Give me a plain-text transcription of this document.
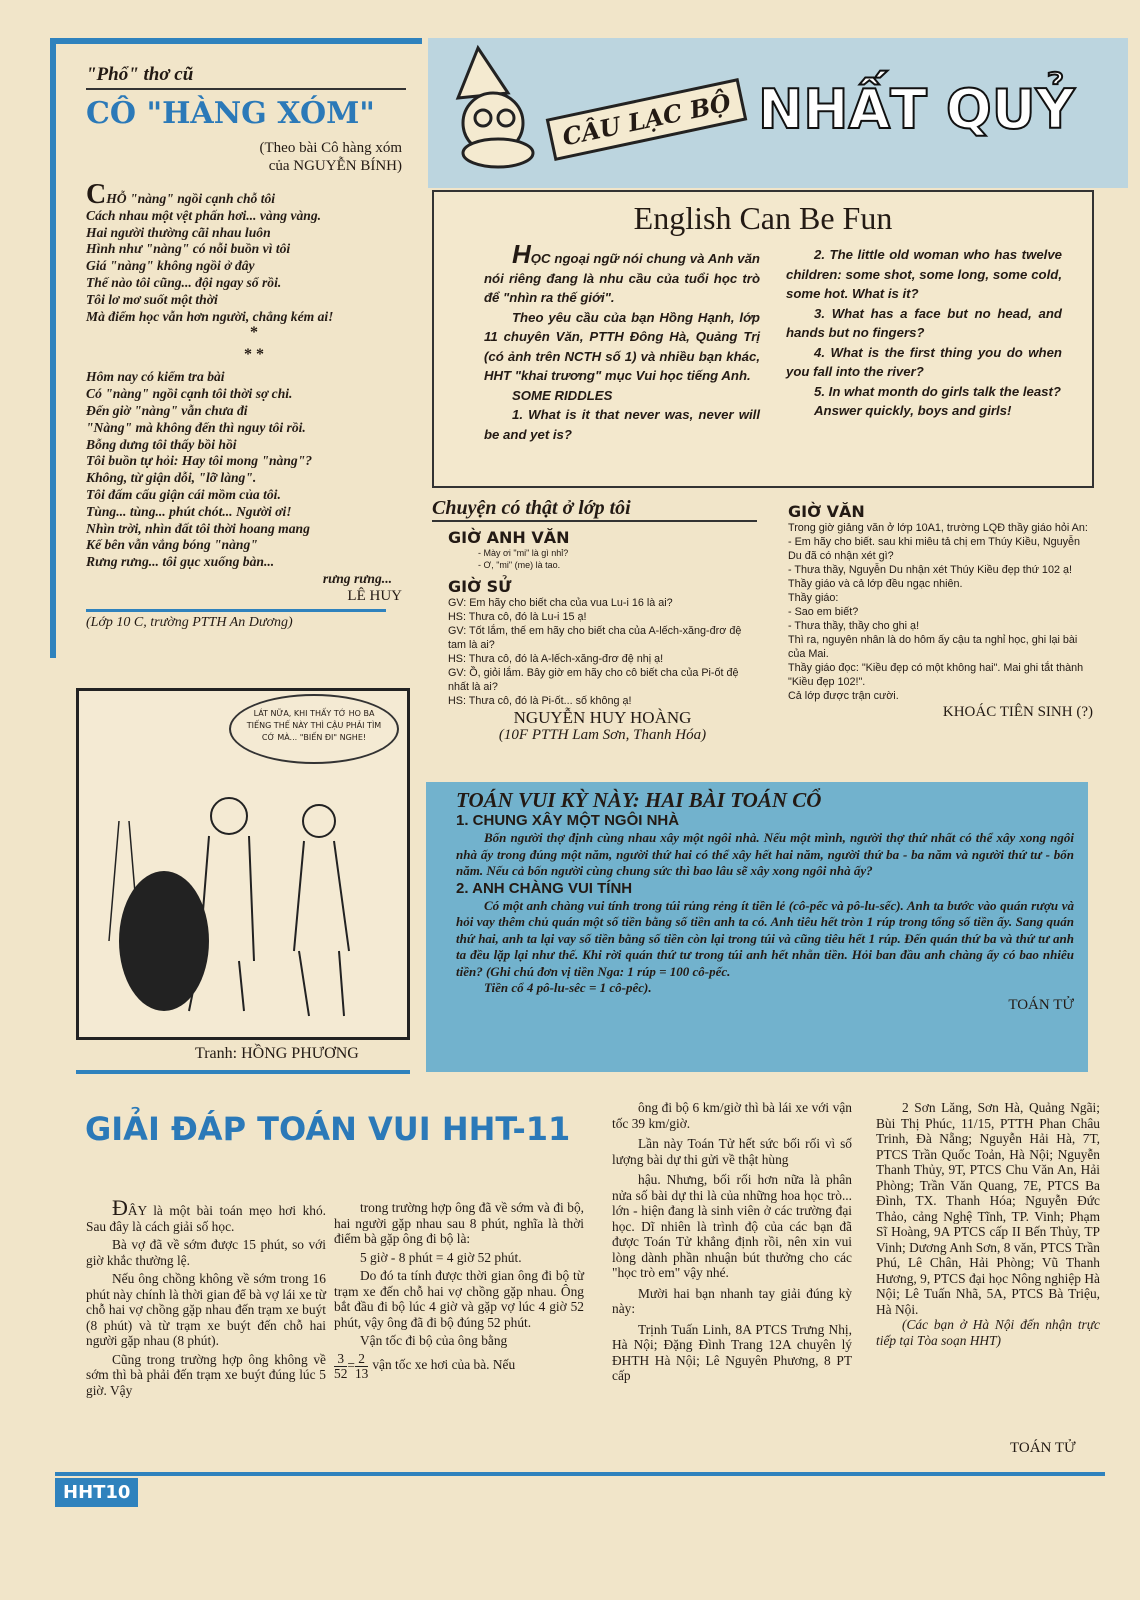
"Phổ" thơ cũ
CÔ "HÀNG XÓM"
(Theo bài Cô hàng xóm
của NGUYỄN BÍNH)
CHỖ "nàng" ngồi cạnh chỗ tôi
Cách nhau một vệt phấn hơi... vàng vàng.
Hai người thường cãi nhau luôn
Hình như "nàng" có nỗi buồn vì tôi
Giá "nàng" không ngồi ở đây
Thế nào tôi cũng... đội ngay sổ rồi.
Tôi lơ mơ suốt một thời
Mà điểm học vẫn hơn người, chẳng kém ai!
*
* *
Hôm nay có kiểm tra bài
Có "nàng" ngồi cạnh tôi thời sợ chi.
Đến giờ "nàng" vẫn chưa đi
"Nàng" mà không đến thì nguy tôi rồi.
Bỗng dưng tôi thấy bồi hồi
Tôi buồn tự hỏi: Hay tôi mong "nàng"?
Không, từ giận dỗi, "lỡ làng".
Tôi đấm cấu giận cái mồm của tôi.
Tùng... tùng... phút chót... Người ơi!
Nhìn trời, nhìn đất tôi thời hoang mang
Kế bên vẫn vắng bóng "nàng"
Rưng rưng... tôi gục xuống bàn...
rưng rưng...
LÊ HUY
(Lớp 10 C, trường PTTH An Dương)
CÂU LẠC BỘ NHẤT QUỶ
English Can Be Fun

HỌC ngoại ngữ nói chung và Anh văn nói riêng đang là nhu cầu của tuổi học trò để "nhìn ra thế giới".

Theo yêu cầu của bạn Hồng Hạnh, lớp 11 chuyên Văn, PTTH Đông Hà, Quảng Trị (có ảnh trên NCTH số 1) và nhiều bạn khác, HHT "khai trương" mục Vui học tiếng Anh.

SOME RIDDLES

1. What is it that never was, never will be and yet is?

2. The little old woman who has twelve children: some shot, some long, some cold, some hot. What is it?

3. What has a face but no head, and hands but no fingers?

4. What is the first thing you do when you fall into the river?

5. In what month do girls talk the least?

Answer quickly, boys and girls!

Chuyện có thật ở lớp tôi
GIỜ ANH VĂN
- Mày ơi "mi" là gì nhỉ?
- Ơ, "mi" (me) là tao.
GIỜ SỬ
GV: Em hãy cho biết cha của vua Lu-i 16 là ai?
HS: Thưa cô, đó là Lu-i 15 ạ!
GV: Tốt lắm, thế em hãy cho biết cha của A-lếch-xăng-đrơ đệ tam là ai?
HS: Thưa cô, đó là A-lếch-xăng-đrơ đệ nhị ạ!
GV: Ồ, giỏi lắm. Bây giờ em hãy cho cô biết cha của Pi-ốt đệ nhất là ai?
HS: Thưa cô, đó là Pi-ốt... số không ạ!
NGUYỄN HUY HOÀNG
(10F PTTH Lam Sơn, Thanh Hóa)
GIỜ VĂN
Trong giờ giảng văn ở lớp 10A1, trường LQĐ thầy giáo hỏi An:
- Em hãy cho biết. sau khi miêu tả chị em Thúy Kiều, Nguyễn Du đã có nhận xét gì?
- Thưa thầy, Nguyễn Du nhận xét Thúy Kiều đẹp thứ 102 ạ!
Thầy giáo và cả lớp đều ngạc nhiên.
Thầy giáo:
- Sao em biết?
- Thưa thầy, thầy cho ghi ạ!
Thì ra, nguyên nhân là do hôm ấy cậu ta nghỉ học, ghi lại bài của Mai.
Thầy giáo đọc: "Kiều đẹp có một không hai". Mai ghi tắt thành "Kiều đẹp 102!".
Cả lớp được trận cười.
KHOÁC TIÊN SINH (?)
TOÁN VUI KỲ NÀY: HAI BÀI TOÁN CỔ
1. CHUNG XÂY MỘT NGÔI NHÀ

Bốn người thợ định cùng nhau xây một ngôi nhà. Nếu một mình, người thợ thứ nhất có thể xây xong ngôi nhà ấy trong đúng một năm, người thứ hai có thể xây hết hai năm, người thứ ba - ba năm và người thứ tư - bốn năm. Nếu cả bốn người cùng chung sức thì bao lâu sẽ xây xong ngôi nhà ấy?

2. ANH CHÀNG VUI TÍNH

Có một anh chàng vui tính trong túi rủng rẻng ít tiền lẻ (cô-pếc và pô-lu-sếc). Anh ta bước vào quán rượu và hỏi vay thêm chủ quán một số tiền bằng số tiền anh ta có. Anh tiêu hết tròn 1 rúp trong tổng số tiền ấy. Sang quán thứ hai, anh ta lại vay số tiền bằng số tiền còn lại trong túi và cũng tiêu hết 1 rúp. Đến quán thứ ba và thứ tư anh ta đều lặp lại như thế. Khi rời quán thứ tư trong túi anh hết nhẵn tiền. Hỏi ban đầu anh chàng ấy có bao nhiêu tiền? (Ghi chú đơn vị tiền Nga: 1 rúp = 100 cô-pếc.

Tiền cổ 4 pô-lu-sêc = 1 cô-pêc).

TOÁN TỬ
LÁT NỮA, KHI THẤY TỚ HO BA TIẾNG THẾ NÀY THÌ CẬU PHẢI TÌM CỚ MÀ... "BIẾN ĐI" NGHE!
Tranh: HỒNG PHƯƠNG
GIẢI ĐÁP TOÁN VUI HHT-11

ĐÂY là một bài toán mẹo hơi khó. Sau đây là cách giải số học.

Bà vợ đã về sớm được 15 phút, so với giờ khắc thường lệ.

Nếu ông chồng không về sớm trong 16 phút này chính là thời gian để bà vợ lái xe từ chỗ hai vợ chồng gặp nhau đến trạm xe buýt (8 phút) và từ trạm xe buýt đến chỗ hai người gặp nhau (8 phút).

Cũng trong trường hợp ông không về sớm thì bà phải đến trạm xe buýt đúng lúc 5 giờ. Vậy

trong trường hợp ông đã về sớm và đi bộ, hai người gặp nhau sau 8 phút, nghĩa là thời điểm bà gặp ông đi bộ là:

5 giờ - 8 phút = 4 giờ 52 phút.

Do đó ta tính được thời gian ông đi bộ từ trạm xe đến chỗ hai vợ chồng gặp nhau. Ông bắt đầu đi bộ lúc 4 giờ và gặp vợ lúc 4 giờ 52 phút, vậy ông đã đi bộ đúng 52 phút.

Vận tốc đi bộ của ông bằng

$\frac{3}{52} = \frac{2}{13}$ vận tốc xe hơi của bà. Nếu

ông đi bộ 6 km/giờ thì bà lái xe với vận tốc 39 km/giờ.

Lần này Toán Tử hết sức bối rối vì số lượng bài dự thi gửi về thật hùng

hậu. Nhưng, bối rối hơn nữa là phân nửa số bài dự thi là của những hoa học trò... lớn - hiện đang là sinh viên ở các trường đại học. Dĩ nhiên là trình độ của các bạn đã được Toán Tử khẳng định rồi, nên xin vui lòng dành phần nhuận bút thưởng cho các "học trò em" vậy nhé.

Mười hai bạn nhanh tay giải đúng kỳ này:

Trịnh Tuấn Linh, 8A PTCS Trưng Nhị, Hà Nội; Đặng Đình Trang 12A chuyên lý ĐHTH Hà Nội; Lê Nguyên Phương, 8 PT cấp

2 Sơn Lăng, Sơn Hà, Quảng Ngãi; Bùi Thị Phúc, 11/15, PTTH Phan Châu Trinh, Đà Nẵng; Nguyễn Hải Hà, 7T, PTCS Trần Quốc Toản, Hà Nội; Nguyễn Thanh Thủy, 9T, PTCS Chu Văn An, Hải Phòng; Trần Văn Quang, 7E, PTCS Ba Đình, TX. Thanh Hóa; Nguyễn Đức Thảo, cảng Nghệ Tĩnh, TP. Vinh; Phạm Sĩ Hoàng, 9A PTCS cấp II Bến Thủy, TP Vinh; Dương Anh Sơn, 8 văn, PTCS Trần Phú, Lê Chân, Hải Phòng; Vũ Thanh Hương, 9, PTCS đại học Nông nghiệp Hà Nội; Lê Tuấn Nhã, 5A, PTCS Bà Triệu, Hà Nội.

(Các bạn ở Hà Nội đến nhận trực tiếp tại Tòa soạn HHT)

TOÁN TỬ
HHT10
